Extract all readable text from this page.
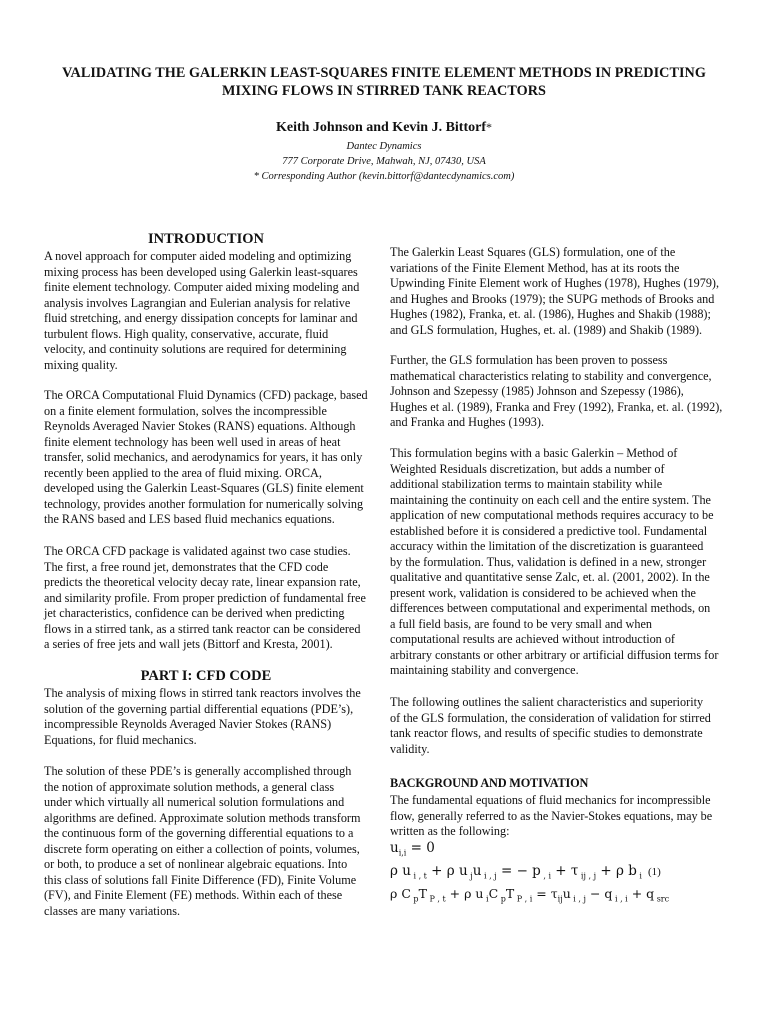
VALIDATING THE GALERKIN LEAST-SQUARES FINITE ELEMENT METHODS IN PREDICTING
MIXING FLOWS IN STIRRED TANK REACTORS
Keith Johnson and Kevin J. Bittorf*
Dantec Dynamics
777 Corporate Drive, Mahwah, NJ, 07430, USA
* Corresponding Author (kevin.bittorf@dantecdynamics.com)
INTRODUCTION
A novel approach for computer aided modeling and optimizing
mixing process has been developed using Galerkin least-squares
finite element technology. Computer aided mixing modeling and
analysis involves Lagrangian and Eulerian analysis for relative
fluid stretching, and energy dissipation concepts for laminar and
turbulent flows. High quality, conservative, accurate, fluid
velocity, and continuity solutions are required for determining
mixing quality.
The ORCA Computational Fluid Dynamics (CFD) package, based
on a finite element formulation, solves the incompressible
Reynolds Averaged Navier Stokes (RANS) equations. Although
finite element technology has been well used in areas of heat
transfer, solid mechanics, and aerodynamics for years, it has only
recently been applied to the area of fluid mixing. ORCA,
developed using the Galerkin Least-Squares (GLS) finite element
technology, provides another formulation for numerically solving
the RANS based and LES based fluid mechanics equations.
The ORCA CFD package is validated against two case studies.
The first, a free round jet, demonstrates that the CFD code
predicts the theoretical velocity decay rate, linear expansion rate,
and similarity profile. From proper prediction of fundamental free
jet characteristics, confidence can be derived when predicting
flows in a stirred tank, as a stirred tank reactor can be considered
a series of free jets and wall jets (Bittorf and Kresta, 2001).
PART I: CFD CODE
The analysis of mixing flows in stirred tank reactors involves the
solution of the governing partial differential equations (PDE’s),
incompressible Reynolds Averaged Navier Stokes (RANS)
Equations, for fluid mechanics.
The solution of these PDE’s is generally accomplished through
the notion of approximate solution methods, a general class
under which virtually all numerical solution formulations and
algorithms are defined. Approximate solution methods transform
the continuous form of the governing differential equations to a
discrete form operating on either a collection of points, volumes,
or both, to produce a set of nonlinear algebraic equations. Into
this class of solutions fall Finite Difference (FD), Finite Volume
(FV), and Finite Element (FE) methods. Within each of these
classes are many variations.
The Galerkin Least Squares (GLS) formulation, one of the
variations of the Finite Element Method, has at its roots the
Upwinding Finite Element work of Hughes (1978), Hughes (1979),
and Hughes and Brooks (1979); the SUPG methods of Brooks and
Hughes (1982), Franka, et. al. (1986), Hughes and Shakib (1988);
and GLS formulation, Hughes, et. al. (1989) and Shakib (1989).
Further, the GLS formulation has been proven to possess
mathematical characteristics relating to stability and convergence,
Johnson and Szepessy (1985) Johnson and Szepessy (1986),
Hughes et al. (1989), Franka and Frey (1992), Franka, et. al. (1992),
and Franka and Hughes (1993).
This formulation begins with a basic Galerkin – Method of
Weighted Residuals discretization, but adds a number of
additional stabilization terms to maintain stability while
maintaining the continuity on each cell and the entire system. The
application of new computational methods requires accuracy to be
established before it is considered a predictive tool. Fundamental
accuracy within the limitation of the discretization is guaranteed
by the formulation. Thus, validation is defined in a new, stronger
qualitative and quantitative sense Zalc, et. al. (2001, 2002). In the
present work, validation is considered to be achieved when the
differences between computational and experimental methods, on
a full field basis, are found to be very small and when
computational results are achieved without introduction of
arbitrary constants or other arbitrary or artificial diffusion terms for
maintaining stability and convergence.
The following outlines the salient characteristics and superiority
of the GLS formulation, the consideration of validation for stirred
tank reactor flows, and results of specific studies to demonstrate
validity.
BACKGROUND AND MOTIVATION
The fundamental equations of fluid mechanics for incompressible
flow, generally referred to as the Navier-Stokes equations, may be
written as the following:
$u_{i,i} = 0$
ρ u $_{i , t}$ + ρ u $_j$u $_{i , j}$ = − p $_{, i}$ + τ $_{ij , j}$ + ρ b $_i$ (1)
ρ C $_p$T $_{P , t}$ + ρ u $_i$C $_p$T $_{P , i} = \tau_{ij}u$ $_{i , j}$ − q $_{i , i}$ + q $_{src}$
